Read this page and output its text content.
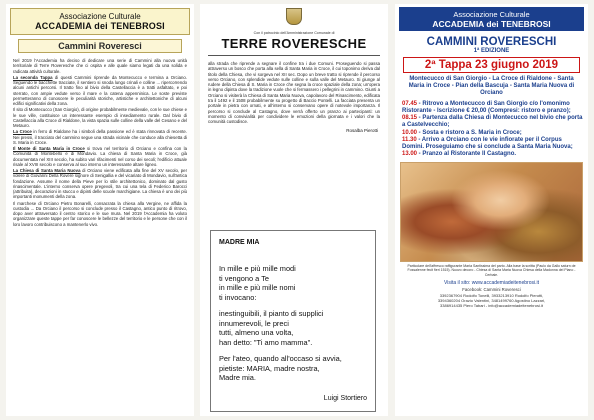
Associazione Culturale
ACCADEMIA dei TENEBROSI
Cammini Roveresci

Nel 2019 l'Accademia ha deciso di dedicare una serie di Cammini alla nuova unità territoriale di Terre Roveresche che ci ospita e alle quale siamo legati da una solida e radicata attività culturale.

La seconda Tappa di questi Cammini riprende da Montecuccо e termina a Orciano. Seguendo le bacchette tracciate, il sentiero si snoda lungo crinali e colline ... ripercorrendo alcuni antichi percorsi. Il tratto fino al bivio della Castellaccia è a tratti asfaltato, e poi sterrato, con ampie vedute verso il mare e la catena appenninica. Le soste previste permetteranno di conoscere le peculiarità storiche, artistiche e architettoniche di alcuni edifici significativi della zona.

Il sito di Montecucco (San Giorgio), di origine probabilmente medievale, con le sue chiese e le sue ville, costituisce un interessante esempio di insediamento rurale. Dal bivio di Castellaccia alla Croce di Rialdone, la vista spazia sulle colline della valle del Cesano e del Metauro.

La Croce in ferro di Rialdone ha i simboli della passione ed è stata rinnovata di recente. Nei pressi, il tracciato del cammino segue una strada vicinale che conduce alla chiesetta di S. Maria in Croce.

Il Monte di Santa Maria in Croce si trova nel territorio di Orciano e confina con la Comunità di Montebello e di Mondavio. La chiesa di Santa Maria in Croce, già documentata nel XIII secolo, ha subito vari rifacimenti nel corso dei secoli; l'edificio attuale risale al XVIII secolo e conserva al suo interno un interessante altare ligneo.

La Chiesa di Santa Maria Nuova di Orciano viene edificata alla fine del XV secolo, per volere di Giovanni Della Rovere signore di Senigallia e del vicariato di Mondavio, sull'antica fondazione. Assume il nome della Pieve per lo stile architettonico, dominato dal gusto rinascimentale. L'interno conserva opere pregevoli, tra cui una tela di Federico Barocci (attribuita), decorazioni in stucco e dipinti delle scuole marchigiane. La chiesa è uno dei più importanti monumenti della zona.

Il marchese di Orciano Pietro Bonarelli, consacrata la chiesa alla Vergine, ne affida la custodia ... Da Orciano il percorso si conclude presso il Castagno, antico punto di ritrovo, dopo aver attraversato il centro storico e le sue mura. Nel 2019 l'Accademia ha voluto organizzare queste tappe per far conoscere le bellezze del territorio e le persone che con il loro lavoro contribuiscono a mantenerlo vivo.

Con il patrocinio dell'Amministrazione Comunale di
TERRE ROVERESCHE
alla strada che riprende a segnare il confine tra i due Comuni. Proseguendo si passa attraverso un bosco che porta alla sella di Santa Maria in Croce, il cui toponimo deriva dal titolo della Chiesa, che vi sorgeva nel XII sec. Dopo un breve tratto si riprende il percorso verso Orciano, con splendide vedute sulle colline e sulla valle del Metauro. Si giunge al rudere della Chiesa di S. Maria in Croce che segna la croce spaziale della zona; un'opera in legno dipinta dove la tradizione vuole che si fermassero i pellegrini in cammino. Giunti a Orciano si visiterà la Chiesa di Santa Maria Nuova, capolavoro del Rinascimento, edificata tra il 1492 e il 1508 probabilmente su progetto di Baccio Pontelli. La facciata presenta un portale in pietra con ornati, e all'interno si conservano opere di notevole importanza. Il percorso si conclude al Castagno, dove verrà offerto un pranzo ai partecipanti: un momento di convivialità per condividere le emozioni della giornata e i valori che la comunità custodisce.
Rosalba Pierotti
MADRE MIA
In mille e più mille modi
ti vengono a Te
in mille e più mille nomi
ti invocano:
inestinguibili, il pianto di supplici
innumerevoli, le preci
tutti, almeno una volta,
han detto: "Ti amo mamma".
Per l'ateo, quando all'occaso si avvia,
pietiste: MARIA, madre nostra,
Madre mia.
Luigi Stortiero
Associazione Culturale
ACCADEMIA dei TENEBROSI
CAMMINI ROVERESCHI
1ª EDIZIONE
2ª Tappa 23 giugno 2019
Montecucco di San Giorgio - La Croce di Rialdone - Santa Maria in Croce - Pian della Bascuja - Santa Maria Nuova di Orciano
07.45 - Ritrovo a Montecucco di San Giorgio c/o l'omonimo Ristorante - Iscrizione € 20,00 (Compresi: ristoro e pranzo);
08.15 - Partenza dalla Chiesa di Montecucco nel bivio che porta a Castelvecchio;
10.00 - Sosta e ristoro a S. Maria in Croce;
11.30 - Arrivo a Orciano con le vie infiorate per il Corpus Domini. Proseguiamo che si conclude a Santa Maria Nuova;
13.00 - Pranzo al Ristorante Il Castagno.
Particolare dell'affresco raffigurante Maria Santissima del parto. Alla base la scritta (Paulo da Gallo saturn de Fossalenne fecit fieri 1515). Nuovo decoro - Chiesa di Santa Maria Nuova Chiesa della Madonna del Piano - Cerbaie.
Visita il sito: www.accademiadeitenebrosi.it
Facebook: Cammini Roveresci
3392367904 Rodolfo Tonelli, 3933213910 Rodolfo Pierotti,
3394360204 Orazio Valentini, 3481499760 Agostino Lazzari,
3386914435 Piero Tabari - info@accademiadeitenebrosi.it
